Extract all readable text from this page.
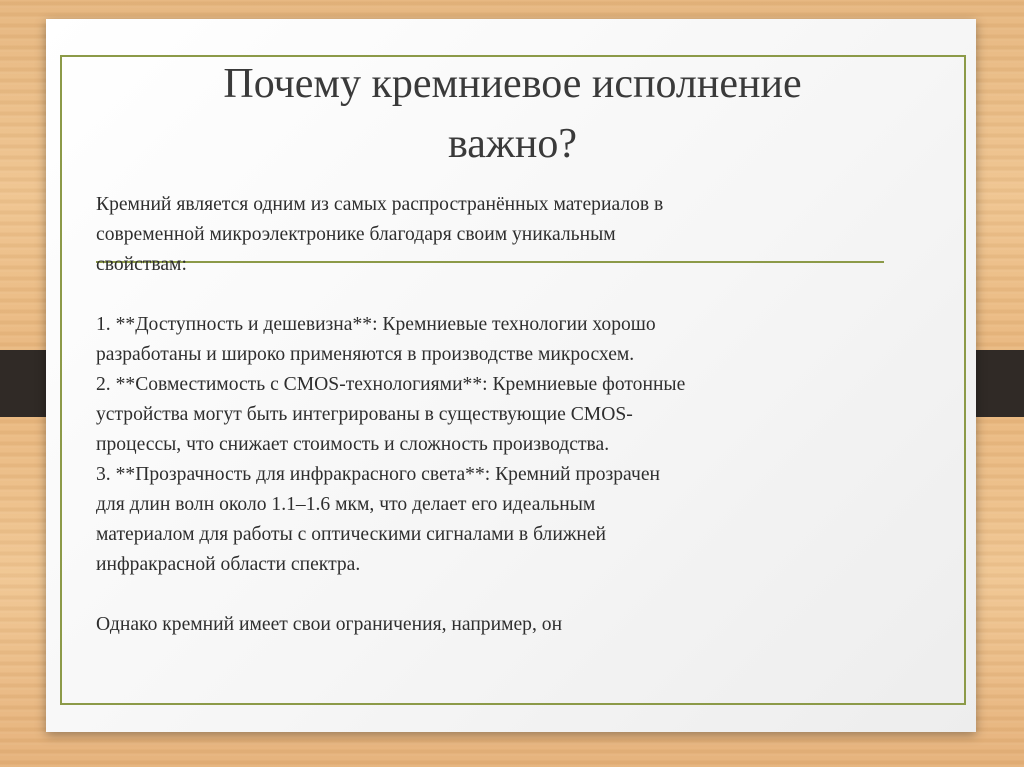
Почему кремниевое исполнение
важно?

Кремний является одним из самых распространённых материалов в
современной микроэлектронике благодаря своим уникальным
свойствам:

1. **Доступность и дешевизна**: Кремниевые технологии хорошо
разработаны и широко применяются в производстве микросхем.

2. **Совместимость с CMOS-технологиями**: Кремниевые фотонные
устройства могут быть интегрированы в существующие CMOS-
процессы, что снижает стоимость и сложность производства.

3. **Прозрачность для инфракрасного света**: Кремний прозрачен
для длин волн около 1.1–1.6 мкм, что делает его идеальным
материалом для работы с оптическими сигналами в ближней
инфракрасной области спектра.

Однако кремний имеет свои ограничения, например, он
